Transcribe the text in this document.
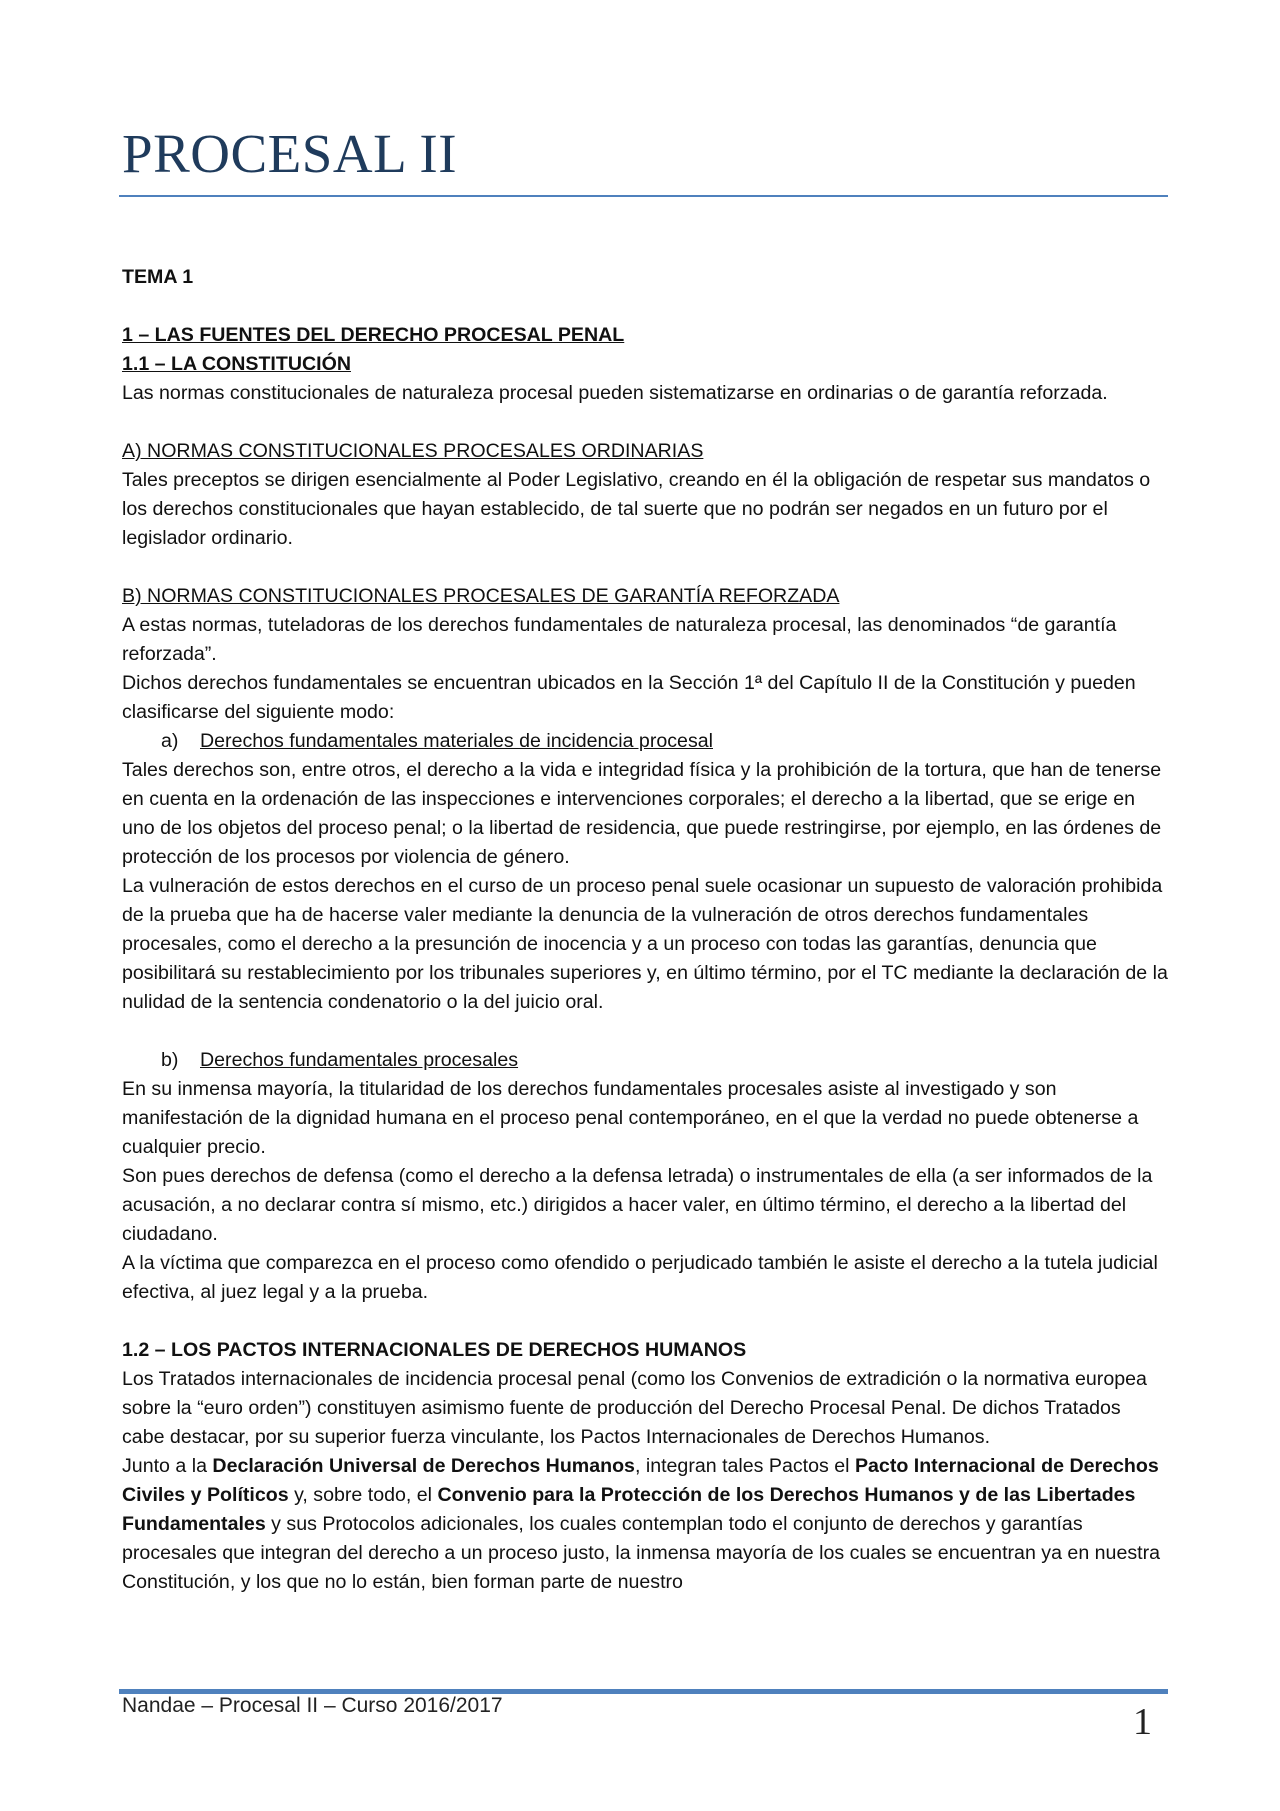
PROCESAL II

TEMA 1

1 – LAS FUENTES DEL DERECHO PROCESAL PENAL

1.1 – LA CONSTITUCIÓN

Las normas constitucionales de naturaleza procesal pueden sistematizarse en ordinarias o de garantía reforzada.

A) NORMAS CONSTITUCIONALES PROCESALES ORDINARIAS

Tales preceptos se dirigen esencialmente al Poder Legislativo, creando en él la obligación de respetar sus mandatos o los derechos constitucionales que hayan establecido, de tal suerte que no podrán ser negados en un futuro por el legislador ordinario.

B) NORMAS CONSTITUCIONALES PROCESALES DE GARANTÍA REFORZADA

A estas normas, tuteladoras de los derechos fundamentales de naturaleza procesal, las denominados “de garantía reforzada”.

Dichos derechos fundamentales se encuentran ubicados en la Sección 1ª del Capítulo II de la Constitución y pueden clasificarse del siguiente modo:

a)	Derechos fundamentales materiales de incidencia procesal

Tales derechos son, entre otros, el derecho a la vida e integridad física y la prohibición de la tortura, que han de tenerse en cuenta en la ordenación de las inspecciones e intervenciones corporales; el derecho a la libertad, que se erige en uno de los objetos del proceso penal; o la libertad de residencia, que puede restringirse, por ejemplo, en las órdenes de protección de los procesos por violencia de género.

La vulneración de estos derechos en el curso de un proceso penal suele ocasionar un supuesto de valoración prohibida de la prueba que ha de hacerse valer mediante la denuncia de la vulneración de otros derechos fundamentales procesales, como el derecho a la presunción de inocencia y a un proceso con todas las garantías, denuncia que posibilitará su restablecimiento por los tribunales superiores y, en último término, por el TC mediante la declaración de la nulidad de la sentencia condenatorio o la del juicio oral.

b)	Derechos fundamentales procesales

En su inmensa mayoría, la titularidad de los derechos fundamentales procesales asiste al investigado y son manifestación de la dignidad humana en el proceso penal contemporáneo, en el que la verdad no puede obtenerse a cualquier precio.

Son pues derechos de defensa (como el derecho a la defensa letrada) o instrumentales de ella (a ser informados de la acusación, a no declarar contra sí mismo, etc.) dirigidos a hacer valer, en último término, el derecho a la libertad del ciudadano.

A la víctima que comparezca en el proceso como ofendido o perjudicado también le asiste el derecho a la tutela judicial efectiva, al juez legal y a la prueba.

1.2 – LOS PACTOS INTERNACIONALES DE DERECHOS HUMANOS

Los Tratados internacionales de incidencia procesal penal (como los Convenios de extradición o la normativa europea sobre la “euro orden”) constituyen asimismo fuente de producción del Derecho Procesal Penal. De dichos Tratados cabe destacar, por su superior fuerza vinculante, los Pactos Internacionales de Derechos Humanos.

Junto a la Declaración Universal de Derechos Humanos, integran tales Pactos el Pacto Internacional de Derechos Civiles y Políticos y, sobre todo, el Convenio para la Protección de los Derechos Humanos y de las Libertades Fundamentales y sus Protocolos adicionales, los cuales contemplan todo el conjunto de derechos y garantías procesales que integran del derecho a un proceso justo, la inmensa mayoría de los cuales se encuentran ya en nuestra Constitución, y los que no lo están, bien forman parte de nuestro

Nandae – Procesal II – Curso 2016/2017	1
